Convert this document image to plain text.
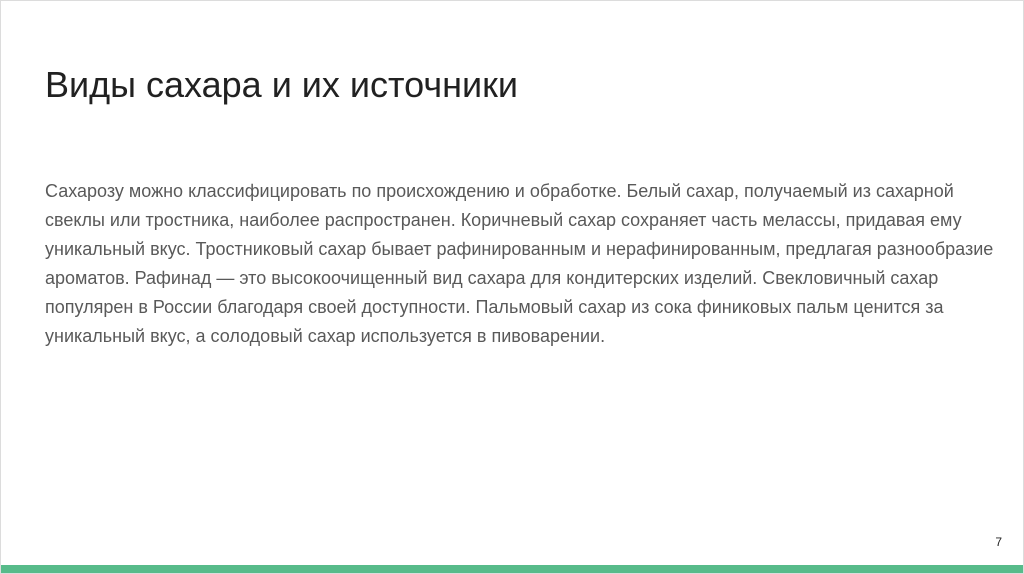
Виды сахара и их источники

Сахарозу можно классифицировать по происхождению и обработке. Белый сахар, получаемый из сахарной свеклы или тростника, наиболее распространен. Коричневый сахар сохраняет часть мелассы, придавая ему уникальный вкус. Тростниковый сахар бывает рафинированным и нерафинированным, предлагая разнообразие ароматов. Рафинад — это высокоочищенный вид сахара для кондитерских изделий. Свекловичный сахар популярен в России благодаря своей доступности. Пальмовый сахар из сока финиковых пальм ценится за уникальный вкус, а солодовый сахар используется в пивоварении.

7
